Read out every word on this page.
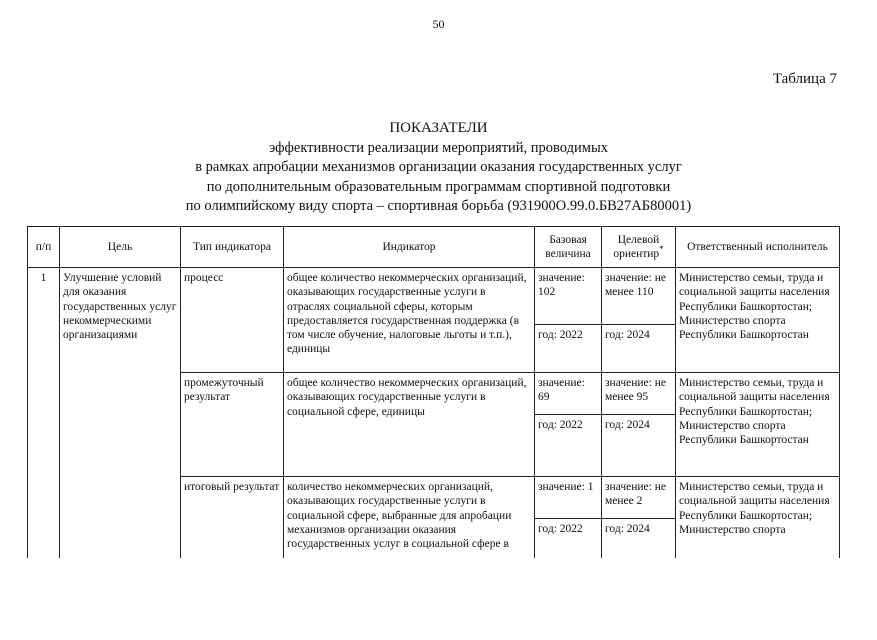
50
Таблица 7
ПОКАЗАТЕЛИ
эффективности реализации мероприятий, проводимых
в рамках апробации механизмов организации оказания государственных услуг
по дополнительным образовательным программам спортивной подготовки
по олимпийскому виду спорта – спортивная борьба (931900О.99.0.БВ27АБ80001)
п/п	Цель	Тип индикатора	Индикатор	Базовая величина	Целевой ориентир*	Ответственный исполнитель
1	Улучшение условий для оказания государственных услуг некоммерческими организациями	процесс	общее количество некоммерческих организаций, оказывающих государственные услуги в отраслях социальной сферы, которым предоставляется государственная поддержка (в том числе обучение, налоговые льготы и т.п.), единицы	значение: 102	значение: не менее 110	Министерство семьи, труда и социальной защиты населения Республики Башкортостан; Министерство спорта Республики Башкортостан
				год: 2022	год: 2024	
		промежуточный результат	общее количество некоммерческих организаций, оказывающих государственные услуги в социальной сфере, единицы	значение: 69	значение: не менее 95	Министерство семьи, труда и социальной защиты населения Республики Башкортостан; Министерство спорта Республики Башкортостан
				год: 2022	год: 2024	
		итоговый результат	количество некоммерческих организаций, оказывающих государственные услуги в социальной сфере, выбранные для апробации механизмов организации оказания государственных услуг в социальной сфере в	значение: 1	значение: не менее 2	Министерство семьи, труда и социальной защиты населения Республики Башкортостан; Министерство спорта
				год: 2022	год: 2024	
